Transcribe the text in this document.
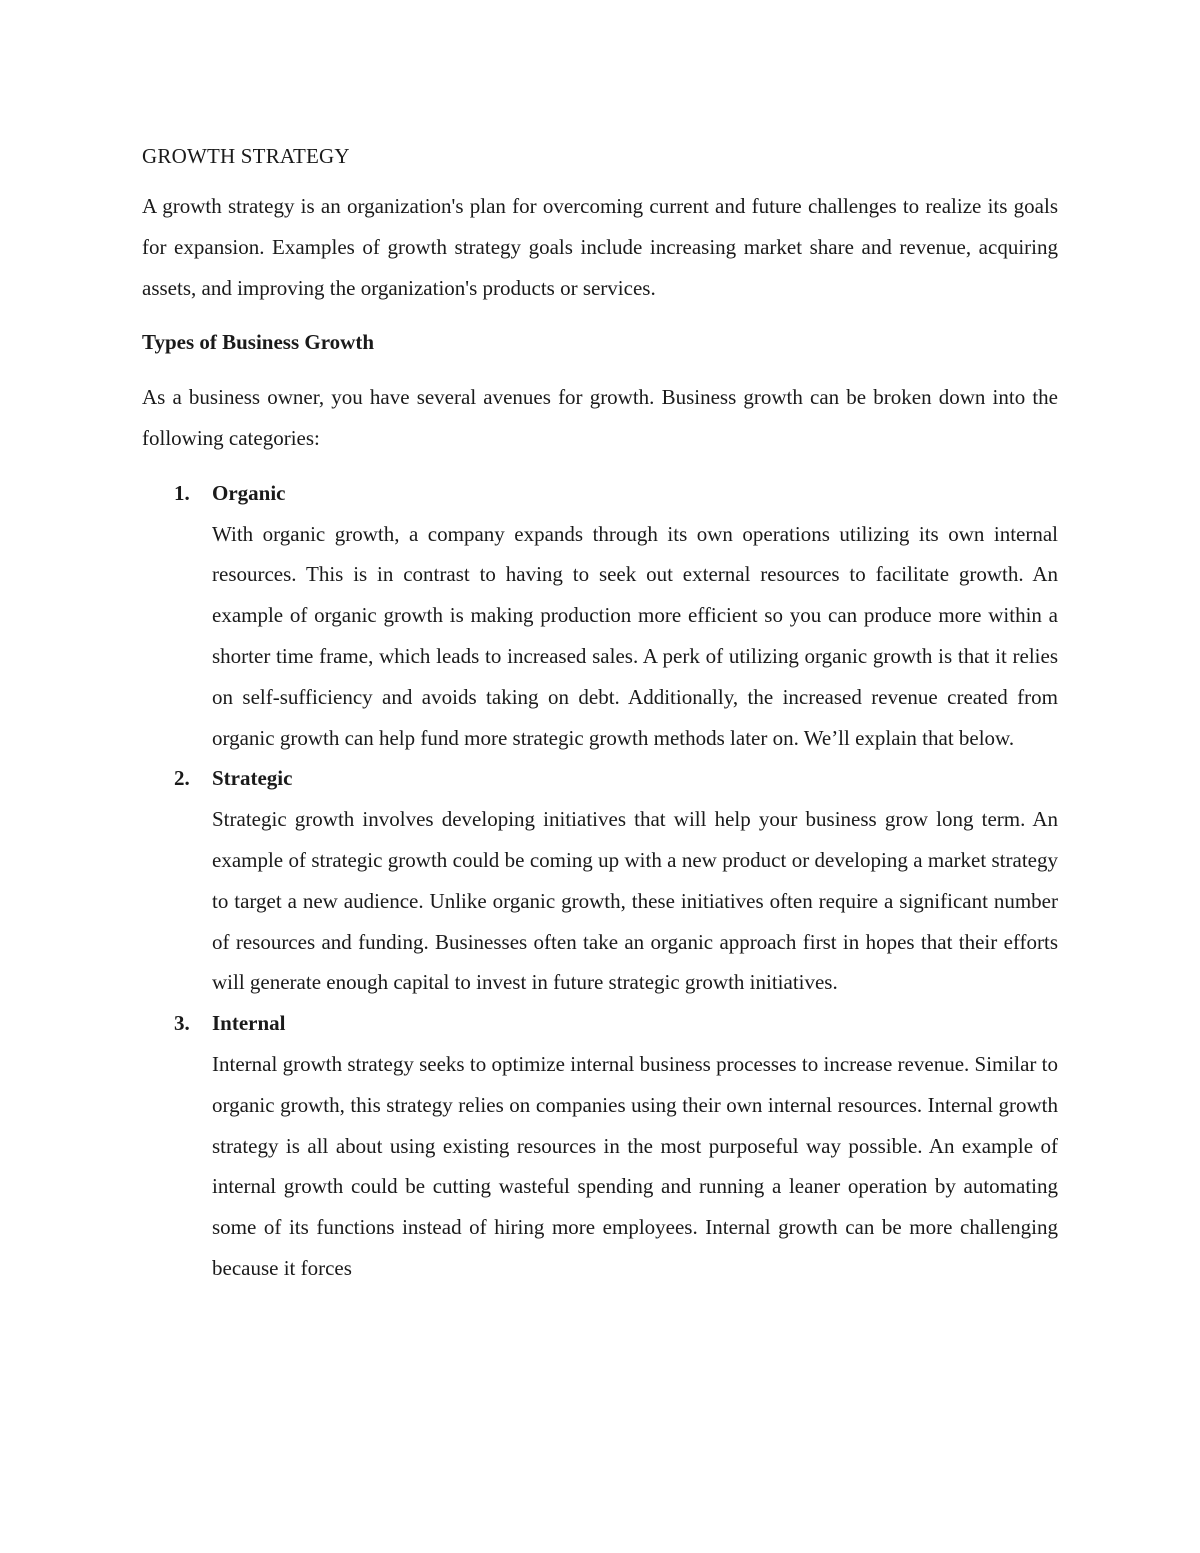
GROWTH STRATEGY

A growth strategy is an organization's plan for overcoming current and future challenges to realize its goals for expansion. Examples of growth strategy goals include increasing market share and revenue, acquiring assets, and improving the organization's products or services.

Types of Business Growth

As a business owner, you have several avenues for growth. Business growth can be broken down into the following categories:

1. Organic

With organic growth, a company expands through its own operations utilizing its own internal resources. This is in contrast to having to seek out external resources to facilitate growth. An example of organic growth is making production more efficient so you can produce more within a shorter time frame, which leads to increased sales. A perk of utilizing organic growth is that it relies on self-sufficiency and avoids taking on debt. Additionally, the increased revenue created from organic growth can help fund more strategic growth methods later on. We’ll explain that below.

2. Strategic

Strategic growth involves developing initiatives that will help your business grow long term. An example of strategic growth could be coming up with a new product or developing a market strategy to target a new audience. Unlike organic growth, these initiatives often require a significant number of resources and funding. Businesses often take an organic approach first in hopes that their efforts will generate enough capital to invest in future strategic growth initiatives.

3. Internal

Internal growth strategy seeks to optimize internal business processes to increase revenue. Similar to organic growth, this strategy relies on companies using their own internal resources. Internal growth strategy is all about using existing resources in the most purposeful way possible. An example of internal growth could be cutting wasteful spending and running a leaner operation by automating some of its functions instead of hiring more employees. Internal growth can be more challenging because it forces
